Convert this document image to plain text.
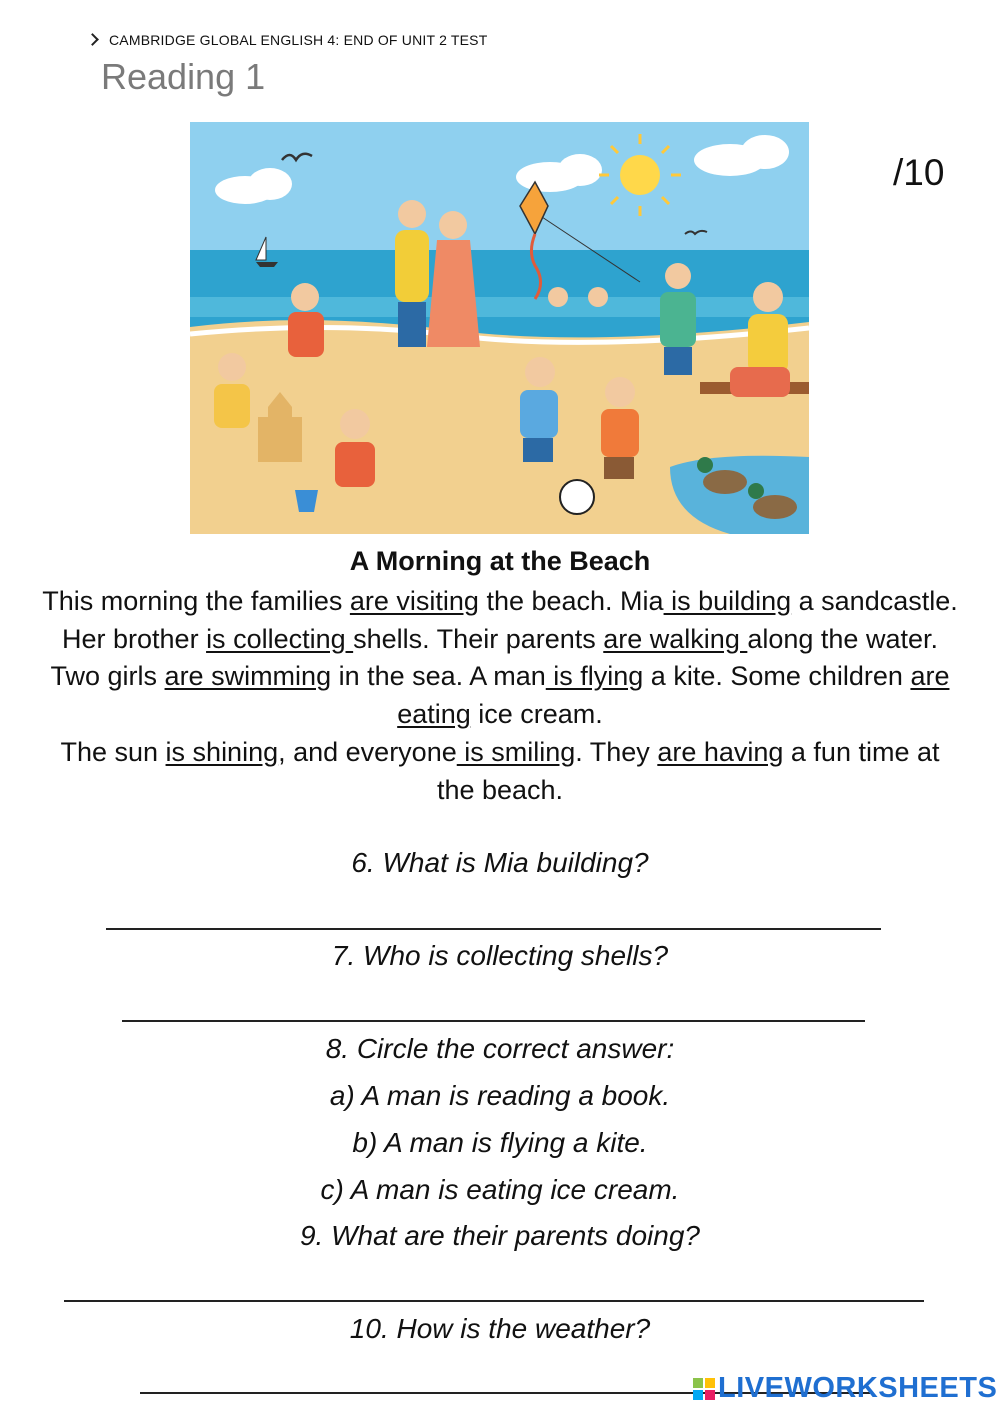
CAMBRIDGE GLOBAL ENGLISH 4: END OF UNIT 2 TEST
Reading 1
/10
A Morning at the Beach
This morning the families are visiting the beach. Mia is building a sandcastle. Her brother is collecting shells. Their parents are walking along the water.
Two girls are swimming in the sea. A man is flying a kite. Some children are eating ice cream.
The sun is shining, and everyone is smiling. They are having a fun time at the beach.
6. What is Mia building?
7. Who is collecting shells?
8. Circle the correct answer:
a) A man is reading a book.
b) A man is flying a kite.
c) A man is eating ice cream.
9. What are their parents doing?
10. How is the weather?
LIVEWORKSHEETS
